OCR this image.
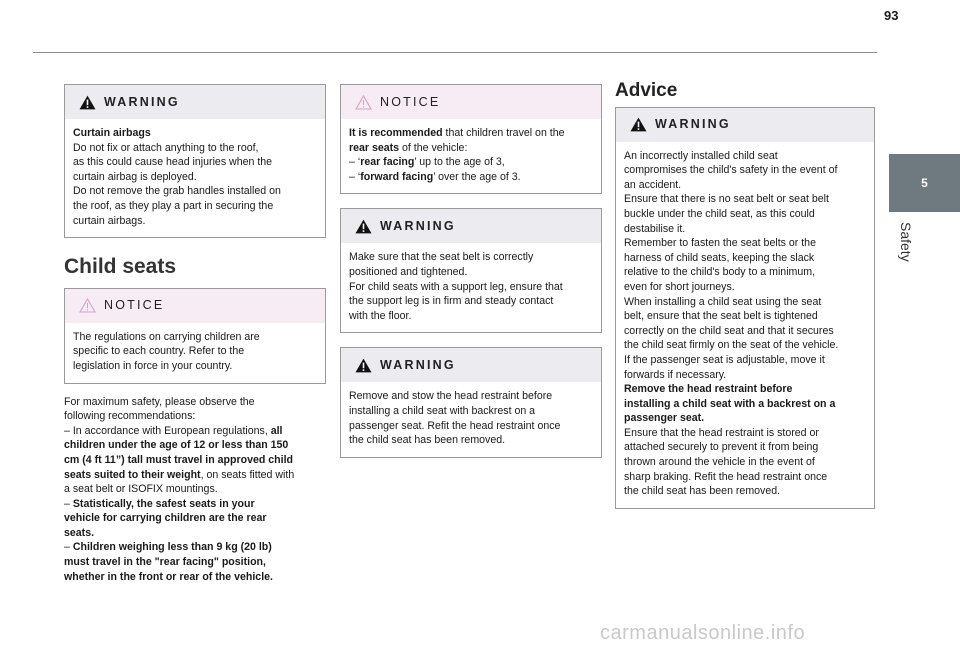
93
5
Safety
WARNING

Curtain airbags

Do not fix or attach anything to the roof,

as this could cause head injuries when the

curtain airbag is deployed.

Do not remove the grab handles installed on

the roof, as they play a part in securing the

curtain airbags.

Child seats
NOTICE

The regulations on carrying children are

specific to each country. Refer to the

legislation in force in your country.

For maximum safety, please observe the

following recommendations:

– In accordance with European regulations, all

children under the age of 12 or less than 150

cm (4 ft 11”) tall must travel in approved child

seats suited to their weight, on seats fitted with

a seat belt or ISOFIX mountings.

– Statistically, the safest seats in your

vehicle for carrying children are the rear

seats.

– Children weighing less than 9 kg (20 lb)

must travel in the "rear facing" position,

whether in the front or rear of the vehicle.

NOTICE

It is recommended that children travel on the

rear seats of the vehicle:

– ‘rear facing’ up to the age of 3,

– ‘forward facing’ over the age of 3.

WARNING

Make sure that the seat belt is correctly

positioned and tightened.

For child seats with a support leg, ensure that

the support leg is in firm and steady contact

with the floor.

WARNING

Remove and stow the head restraint before

installing a child seat with backrest on a

passenger seat. Refit the head restraint once

the child seat has been removed.

Advice
WARNING

An incorrectly installed child seat

compromises the child's safety in the event of

an accident.

Ensure that there is no seat belt or seat belt

buckle under the child seat, as this could

destabilise it.

Remember to fasten the seat belts or the

harness of child seats, keeping the slack

relative to the child's body to a minimum,

even for short journeys.

When installing a child seat using the seat

belt, ensure that the seat belt is tightened

correctly on the child seat and that it secures

the child seat firmly on the seat of the vehicle.

If the passenger seat is adjustable, move it

forwards if necessary.

Remove the head restraint before

installing a child seat with a backrest on a

passenger seat.

Ensure that the head restraint is stored or

attached securely to prevent it from being

thrown around the vehicle in the event of

sharp braking. Refit the head restraint once

the child seat has been removed.

carmanualsonline.info
